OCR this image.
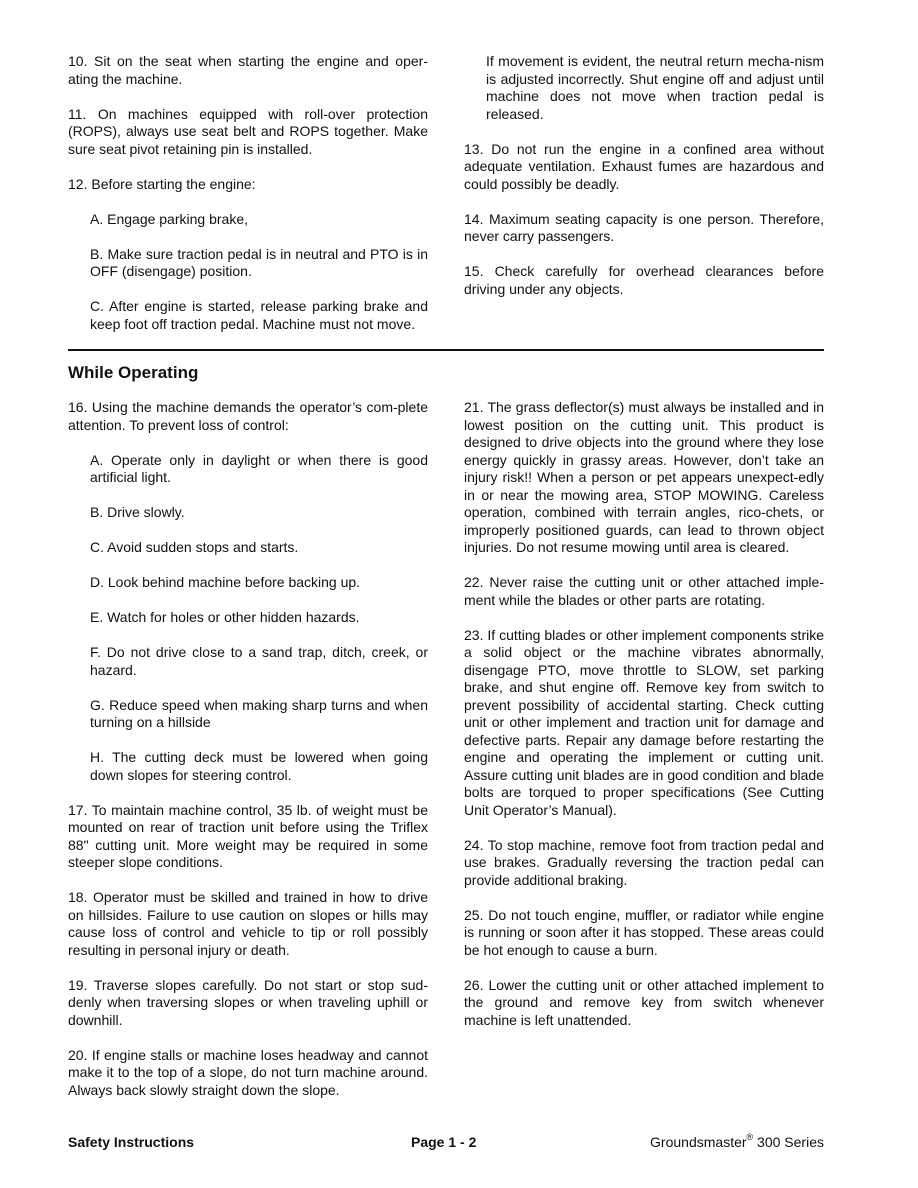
10. Sit on the seat when starting the engine and oper-ating the machine.

11. On machines equipped with roll-over protection (ROPS), always use seat belt and ROPS together. Make sure seat pivot retaining pin is installed.

12. Before starting the engine:

A. Engage parking brake,

B. Make sure traction pedal is in neutral and PTO is in OFF (disengage) position.

C. After engine is started, release parking brake and keep foot off traction pedal. Machine must not move.

If movement is evident, the neutral return mecha-nism is adjusted incorrectly. Shut engine off and adjust until machine does not move when traction pedal is released.

13. Do not run the engine in a confined area without adequate ventilation. Exhaust fumes are hazardous and could possibly be deadly.

14. Maximum seating capacity is one person. Therefore, never carry passengers.

15. Check carefully for overhead clearances before driving under any objects.

While Operating

16. Using the machine demands the operator’s com-plete attention. To prevent loss of control:

A. Operate only in daylight or when there is good artificial light.

B. Drive slowly.

C. Avoid sudden stops and starts.

D. Look behind machine before backing up.

E. Watch for holes or other hidden hazards.

F. Do not drive close to a sand trap, ditch, creek, or hazard.

G. Reduce speed when making sharp turns and when turning on a hillside

H. The cutting deck must be lowered when going down slopes for steering control.

17. To maintain machine control, 35 lb. of weight must be mounted on rear of traction unit before using the Triflex 88" cutting unit. More weight may be required in some steeper slope conditions.

18. Operator must be skilled and trained in how to drive on hillsides. Failure to use caution on slopes or hills may cause loss of control and vehicle to tip or roll possibly resulting in personal injury or death.

19. Traverse slopes carefully. Do not start or stop sud-denly when traversing slopes or when traveling uphill or downhill.

20. If engine stalls or machine loses headway and cannot make it to the top of a slope, do not turn machine around. Always back slowly straight down the slope.

21. The grass deflector(s) must always be installed and in lowest position on the cutting unit. This product is designed to drive objects into the ground where they lose energy quickly in grassy areas. However, don’t take an injury risk!! When a person or pet appears unexpect-edly in or near the mowing area, STOP MOWING. Careless operation, combined with terrain angles, rico-chets, or improperly positioned guards, can lead to thrown object injuries. Do not resume mowing until area is cleared.

22. Never raise the cutting unit or other attached imple-ment while the blades or other parts are rotating.

23. If cutting blades or other implement components strike a solid object or the machine vibrates abnormally, disengage PTO, move throttle to SLOW, set parking brake, and shut engine off. Remove key from switch to prevent possibility of accidental starting. Check cutting unit or other implement and traction unit for damage and defective parts. Repair any damage before restarting the engine and operating the implement or cutting unit. Assure cutting unit blades are in good condition and blade bolts are torqued to proper specifications (See Cutting Unit Operator’s Manual).

24. To stop machine, remove foot from traction pedal and use brakes. Gradually reversing the traction pedal can provide additional braking.

25. Do not touch engine, muffler, or radiator while engine is running or soon after it has stopped. These areas could be hot enough to cause a burn.

26. Lower the cutting unit or other attached implement to the ground and remove key from switch whenever machine is left unattended.

Safety Instructions	Page 1 - 2	Groundsmaster® 300 Series
